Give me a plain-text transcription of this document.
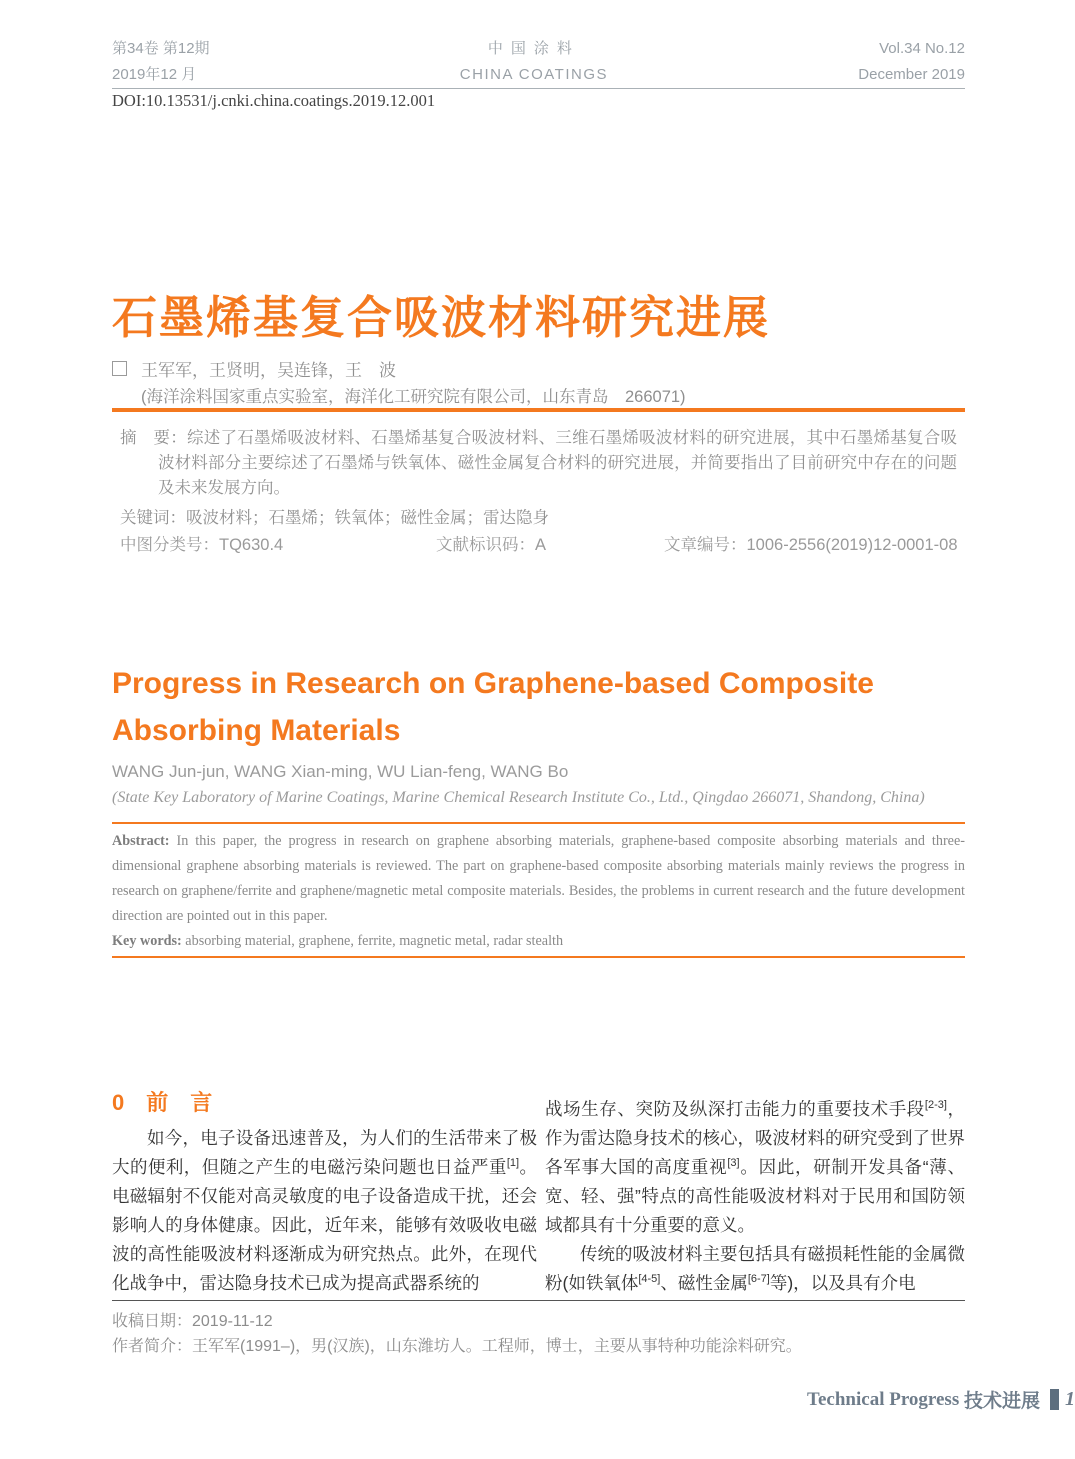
第34卷 第12期
2019年12 月
中国涂料
CHINA COATINGS
Vol.34 No.12
December 2019
DOI:10.13531/j.cnki.china.coatings.2019.12.001
石墨烯基复合吸波材料研究进展
王军军，王贤明，吴连锋，王　波
(海洋涂料国家重点实验室，海洋化工研究院有限公司，山东青岛　266071)

摘　要：综述了石墨烯吸波材料、石墨烯基复合吸波材料、三维石墨烯吸波材料的研究进展，其中石墨烯基复合吸波材料部分主要综述了石墨烯与铁氧体、磁性金属复合材料的研究进展，并简要指出了目前研究中存在的问题及未来发展方向。

关键词：吸波材料；石墨烯；铁氧体；磁性金属；雷达隐身
中图分类号：TQ630.4	文献标识码：A	文章编号：1006-2556(2019)12-0001-08
Progress in Research on Graphene-based Composite Absorbing Materials
WANG Jun-jun, WANG Xian-ming, WU Lian-feng, WANG Bo
(State Key Laboratory of Marine Coatings, Marine Chemical Research Institute Co., Ltd., Qingdao 266071, Shandong, China)

Abstract: In this paper, the progress in research on graphene absorbing materials, graphene-based composite absorbing materials and three-dimensional graphene absorbing materials is reviewed. The part on graphene-based composite absorbing materials mainly reviews the progress in research on graphene/ferrite and graphene/magnetic metal composite materials. Besides, the problems in current research and the future development direction are pointed out in this paper.

Key words: absorbing material, graphene, ferrite, magnetic metal, radar stealth

0　前　言

如今，电子设备迅速普及，为人们的生活带来了极大的便利，但随之产生的电磁污染问题也日益严重[1]。电磁辐射不仅能对高灵敏度的电子设备造成干扰，还会影响人的身体健康。因此，近年来，能够有效吸收电磁波的高性能吸波材料逐渐成为研究热点。此外，在现代化战争中，雷达隐身技术已成为提高武器系统的

战场生存、突防及纵深打击能力的重要技术手段[2-3]，作为雷达隐身技术的核心，吸波材料的研究受到了世界各军事大国的高度重视[3]。因此，研制开发具备“薄、宽、轻、强”特点的高性能吸波材料对于民用和国防领域都具有十分重要的意义。

传统的吸波材料主要包括具有磁损耗性能的金属微粉(如铁氧体[4-5]、磁性金属[6-7]等)，以及具有介电

收稿日期：2019-11-12
作者简介：王军军(1991–)，男(汉族)，山东潍坊人。工程师，博士，主要从事特种功能涂料研究。
Technical Progress
技术进展 1
